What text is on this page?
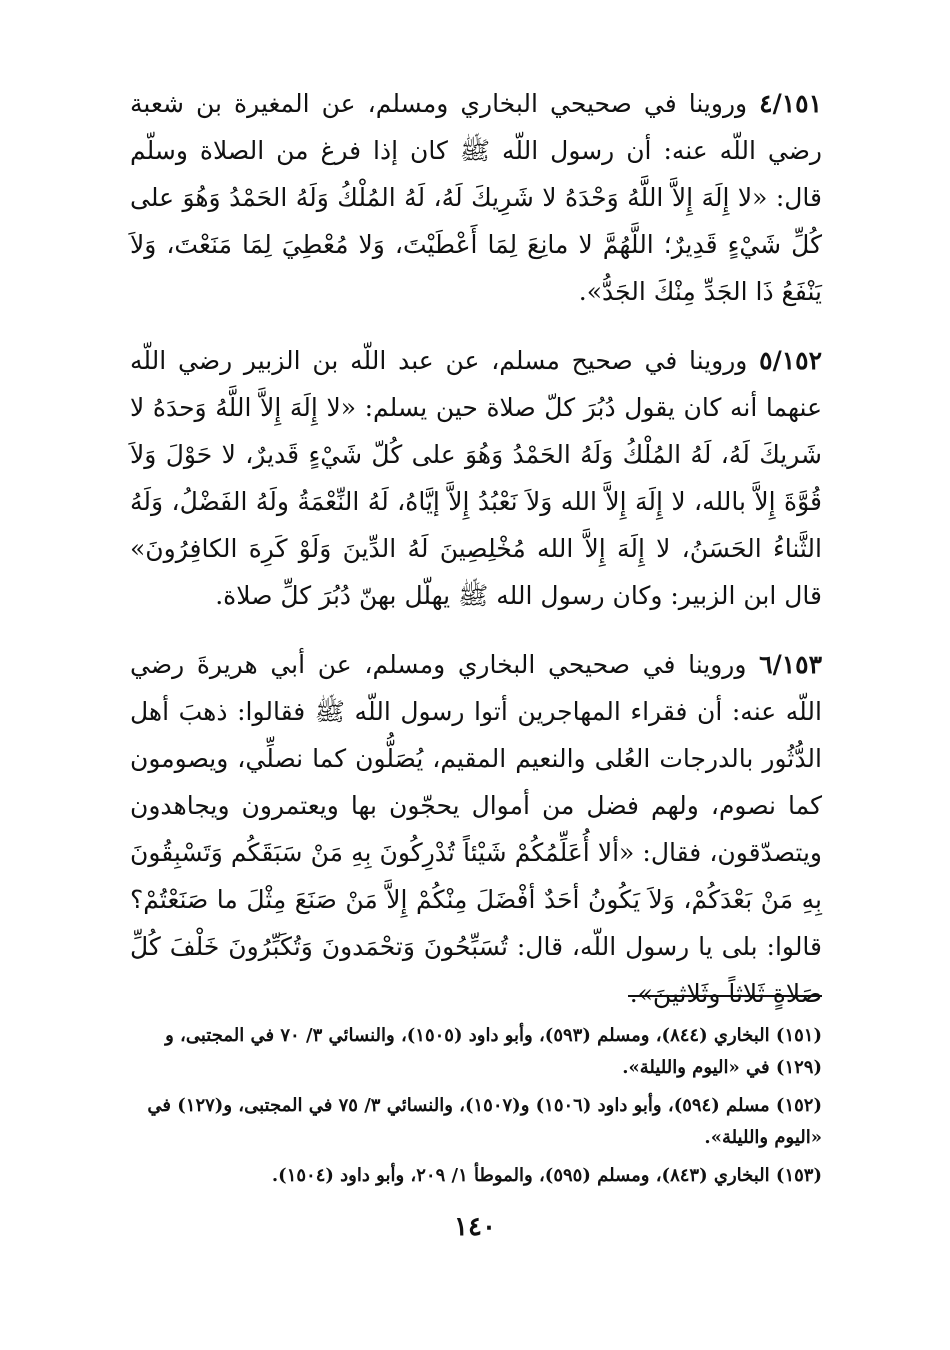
٤/١٥١ وروينا في صحيحي البخاري ومسلم، عن المغيرة بن شعبة رضي اللّه عنه: أن رسول اللّه ﷺ كان إذا فرغ من الصلاة وسلّم قال: «لا إِلَهَ إِلاَّ اللَّهُ وَحْدَهُ لا شَرِيكَ لَهُ، لَهُ المُلْكُ وَلَهُ الحَمْدُ وَهُوَ على كُلِّ شَيْءٍ قَدِيرٌ؛ اللَّهُمَّ لا مانِعَ لِمَا أَعْطَيْتَ، وَلا مُعْطِيَ لِمَا مَنَعْتَ، وَلاَ يَنْفَعُ ذَا الجَدِّ مِنْكَ الجَدُّ».

٥/١٥٢ وروينا في صحيح مسلم، عن عبد اللّه بن الزبير رضي اللّه عنهما أنه كان يقول دُبُرَ كلّ صلاة حين يسلم: «لا إِلَهَ إِلاَّ اللَّهُ وَحدَهُ لا شَريكَ لَهُ، لَهُ المُلْكُ وَلَهُ الحَمْدُ وَهُوَ على كُلّ شَيْءٍ قَديرٌ، لا حَوْلَ وَلاَ قُوَّةَ إِلاَّ بالله، لا إِلَهَ إِلاَّ الله وَلاَ نَعْبُدُ إِلاَّ إيَّاهُ، لَهُ النِّعْمَةُ ولَهُ الفَضْلُ، وَلَهُ الثَّناءُ الحَسَنُ، لا إِلَهَ إِلاَّ الله مُخْلِصِينَ لَهُ الدِّينَ وَلَوْ كَرِهَ الكافِرُونَ» قال ابن الزبير: وكان رسول الله ﷺ يهلّل بهنّ دُبُرَ كلِّ صلاة.

٦/١٥٣ وروينا في صحيحي البخاري ومسلم، عن أبي هريرةَ رضي اللّه عنه: أن فقراء المهاجرين أتوا رسول اللّه ﷺ فقالوا: ذهبَ أهل الدُّثُور بالدرجات العُلى والنعيم المقيم، يُصَلُّون كما نصلِّي، ويصومون كما نصوم، ولهم فضل من أموال يحجّون بها ويعتمرون ويجاهدون ويتصدّقون، فقال: «ألا أُعَلِّمُكُمْ شَيْئاً تُدْرِكُونَ بِهِ مَنْ سَبَقَكُم وَتَسْبِقُونَ بِهِ مَنْ بَعْدَكُمْ، وَلاَ يَكُونُ أحَدٌ أفْضَلَ مِنْكُمْ إِلاَّ مَنْ صَنَعَ مِثْلَ ما صَنَعْتُمْ؟ قالوا: بلى يا رسول اللّه، قال: تُسَبِّحُونَ وَتحْمَدونَ وَتُكَبِّرُونَ خَلْفَ كُلِّ صَلاةٍ ثَلاثاً وثَلاثينَ».

(١٥١) البخاري (٨٤٤)، ومسلم (٥٩٣)، وأبو داود (١٥٠٥)، والنسائي ٣/ ٧٠ في المجتبى، و (١٢٩) في «اليوم والليلة».

(١٥٢) مسلم (٥٩٤)، وأبو داود (١٥٠٦) و(١٥٠٧)، والنسائي ٣/ ٧٥ في المجتبى، و(١٢٧) في «اليوم والليلة».

(١٥٣) البخاري (٨٤٣)، ومسلم (٥٩٥)، والموطأ ١/ ٢٠٩، وأبو داود (١٥٠٤).

١٤٠
